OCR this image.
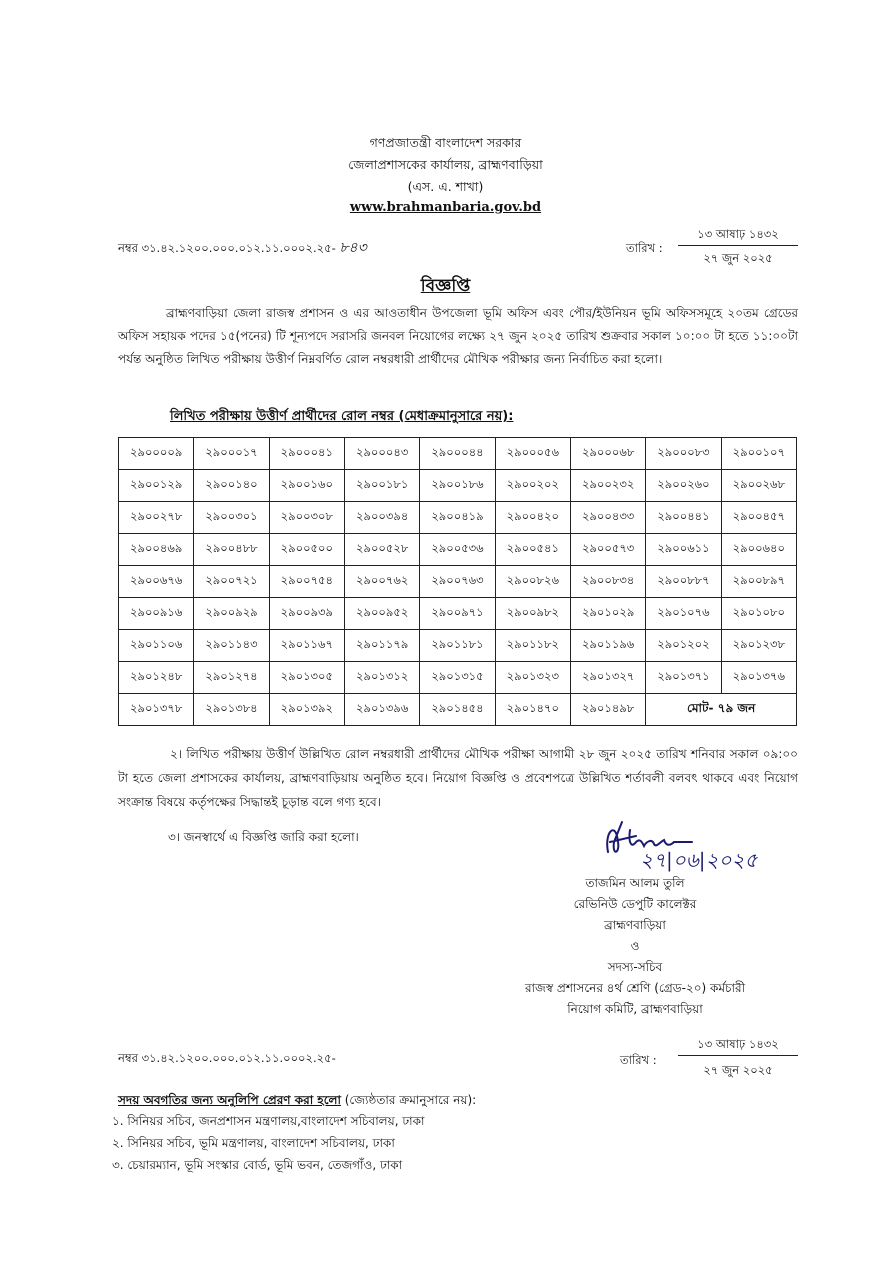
গণপ্রজাতন্ত্রী বাংলাদেশ সরকার
জেলাপ্রশাসকের কার্যালয়, ব্রাহ্মণবাড়িয়া
(এস. এ. শাখা)
www.brahmanbaria.gov.bd
নম্বর ৩১.৪২.১২০০.০০০.০১২.১১.০০০২.২৫- ৮৪৩	তারিখ :
১৩ আষাঢ় ১৪৩২
২৭ জুন ২০২৫
বিজ্ঞপ্তি
ব্রাহ্মণবাড়িয়া জেলা রাজস্ব প্রশাসন ও এর আওতাধীন উপজেলা ভূমি অফিস এবং পৌর/ইউনিয়ন ভূমি অফিসসমূহে ২০তম গ্রেডের অফিস সহায়ক পদের ১৫(পনের) টি শূন্যপদে সরাসরি জনবল নিয়োগের লক্ষ্যে ২৭ জুন ২০২৫ তারিখ শুক্রবার সকাল ১০:০০ টা হতে ১১:০০টা পর্যন্ত অনুষ্ঠিত লিখিত পরীক্ষায় উত্তীর্ণ নিম্নবর্ণিত রোল নম্বরধারী প্রার্থীদের মৌখিক পরীক্ষার জন্য নির্বাচিত করা হলো।
লিখিত পরীক্ষায় উত্তীর্ণ প্রার্থীদের রোল নম্বর (মেধাক্রমানুসারে নয়):
২৯০০০০৯	২৯০০০১৭	২৯০০০৪১	২৯০০০৪৩	২৯০০০৪৪	২৯০০০৫৬	২৯০০০৬৮	২৯০০০৮৩	২৯০০১০৭
২৯০০১২৯	২৯০০১৪০	২৯০০১৬০	২৯০০১৮১	২৯০০১৮৬	২৯০০২০২	২৯০০২৩২	২৯০০২৬০	২৯০০২৬৮
২৯০০২৭৮	২৯০০৩০১	২৯০০৩০৮	২৯০০৩৯৪	২৯০০৪১৯	২৯০০৪২০	২৯০০৪৩৩	২৯০০৪৪১	২৯০০৪৫৭
২৯০০৪৬৯	২৯০০৪৮৮	২৯০০৫০০	২৯০০৫২৮	২৯০০৫৩৬	২৯০০৫৪১	২৯০০৫৭৩	২৯০০৬১১	২৯০০৬৪০
২৯০০৬৭৬	২৯০০৭২১	২৯০০৭৫৪	২৯০০৭৬২	২৯০০৭৬৩	২৯০০৮২৬	২৯০০৮৩৪	২৯০০৮৮৭	২৯০০৮৯৭
২৯০০৯১৬	২৯০০৯২৯	২৯০০৯৩৯	২৯০০৯৫২	২৯০০৯৭১	২৯০০৯৮২	২৯০১০২৯	২৯০১০৭৬	২৯০১০৮০
২৯০১১০৬	২৯০১১৪৩	২৯০১১৬৭	২৯০১১৭৯	২৯০১১৮১	২৯০১১৮২	২৯০১১৯৬	২৯০১২০২	২৯০১২৩৮
২৯০১২৪৮	২৯০১২৭৪	২৯০১৩০৫	২৯০১৩১২	২৯০১৩১৫	২৯০১৩২৩	২৯০১৩২৭	২৯০১৩৭১	২৯০১৩৭৬
২৯০১৩৭৮	২৯০১৩৮৪	২৯০১৩৯২	২৯০১৩৯৬	২৯০১৪৫৪	২৯০১৪৭০	২৯০১৪৯৮	মোট- ৭৯ জন	
২। লিখিত পরীক্ষায় উত্তীর্ণ উল্লিখিত রোল নম্বরধারী প্রার্থীদের মৌখিক পরীক্ষা আগামী ২৮ জুন ২০২৫ তারিখ শনিবার সকাল ০৯:০০ টা হতে জেলা প্রশাসকের কার্যালয়, ব্রাহ্মণবাড়িয়ায় অনুষ্ঠিত হবে। নিয়োগ বিজ্ঞপ্তি ও প্রবেশপত্রে উল্লিখিত শর্তাবলী বলবৎ থাকবে এবং নিয়োগ সংক্রান্ত বিষয়ে কর্তৃপক্ষের সিদ্ধান্তই চূড়ান্ত বলে গণ্য হবে।
৩। জনস্বার্থে এ বিজ্ঞপ্তি জারি করা হলো।
২৭|০৬|২০২৫
তাজমিন আলম তুলি
রেভিনিউ ডেপুটি কালেক্টর
ব্রাহ্মণবাড়িয়া
ও
সদস্য-সচিব
রাজস্ব প্রশাসনের ৪র্থ শ্রেণি (গ্রেড-২০) কর্মচারী
নিয়োগ কমিটি, ব্রাহ্মণবাড়িয়া
নম্বর ৩১.৪২.১২০০.০০০.০১২.১১.০০০২.২৫-	তারিখ :
১৩ আষাঢ় ১৪৩২
২৭ জুন ২০২৫
সদয় অবগতির জন্য অনুলিপি প্রেরণ করা হলো (জ্যেষ্ঠতার ক্রমানুসারে নয়):
১. সিনিয়র সচিব, জনপ্রশাসন মন্ত্রণালয়,বাংলাদেশ সচিবালয়, ঢাকা
২. সিনিয়র সচিব, ভূমি মন্ত্রণালয়, বাংলাদেশ সচিবালয়, ঢাকা
৩. চেয়ারম্যান, ভূমি সংস্কার বোর্ড, ভূমি ভবন, তেজগাঁও, ঢাকা
